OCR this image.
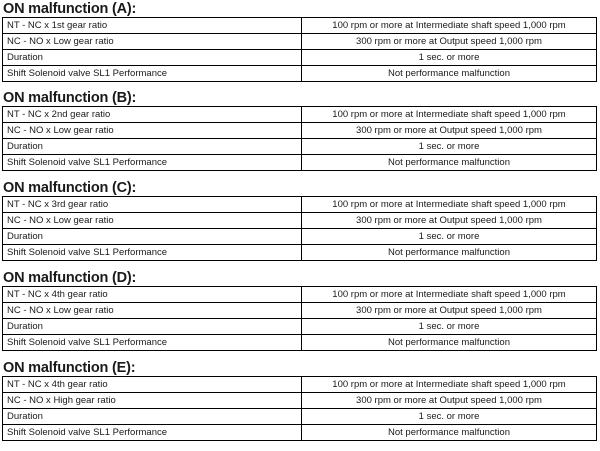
ON malfunction (A):
NT - NC x 1st gear ratio	100 rpm or more at Intermediate shaft speed 1,000 rpm
NC - NO x Low gear ratio	300 rpm or more at Output speed 1,000 rpm
Duration	1 sec. or more
Shift Solenoid valve SL1 Performance	Not performance malfunction
ON malfunction (B):
NT - NC x 2nd gear ratio	100 rpm or more at Intermediate shaft speed 1,000 rpm
NC - NO x Low gear ratio	300 rpm or more at Output speed 1,000 rpm
Duration	1 sec. or more
Shift Solenoid valve SL1 Performance	Not performance malfunction
ON malfunction (C):
NT - NC x 3rd gear ratio	100 rpm or more at Intermediate shaft speed 1,000 rpm
NC - NO x Low gear ratio	300 rpm or more at Output speed 1,000 rpm
Duration	1 sec. or more
Shift Solenoid valve SL1 Performance	Not performance malfunction
ON malfunction (D):
NT - NC x 4th gear ratio	100 rpm or more at Intermediate shaft speed 1,000 rpm
NC - NO x Low gear ratio	300 rpm or more at Output speed 1,000 rpm
Duration	1 sec. or more
Shift Solenoid valve SL1 Performance	Not performance malfunction
ON malfunction (E):
NT - NC x 4th gear ratio	100 rpm or more at Intermediate shaft speed 1,000 rpm
NC - NO x High gear ratio	300 rpm or more at Output speed 1,000 rpm
Duration	1 sec. or more
Shift Solenoid valve SL1 Performance	Not performance malfunction
